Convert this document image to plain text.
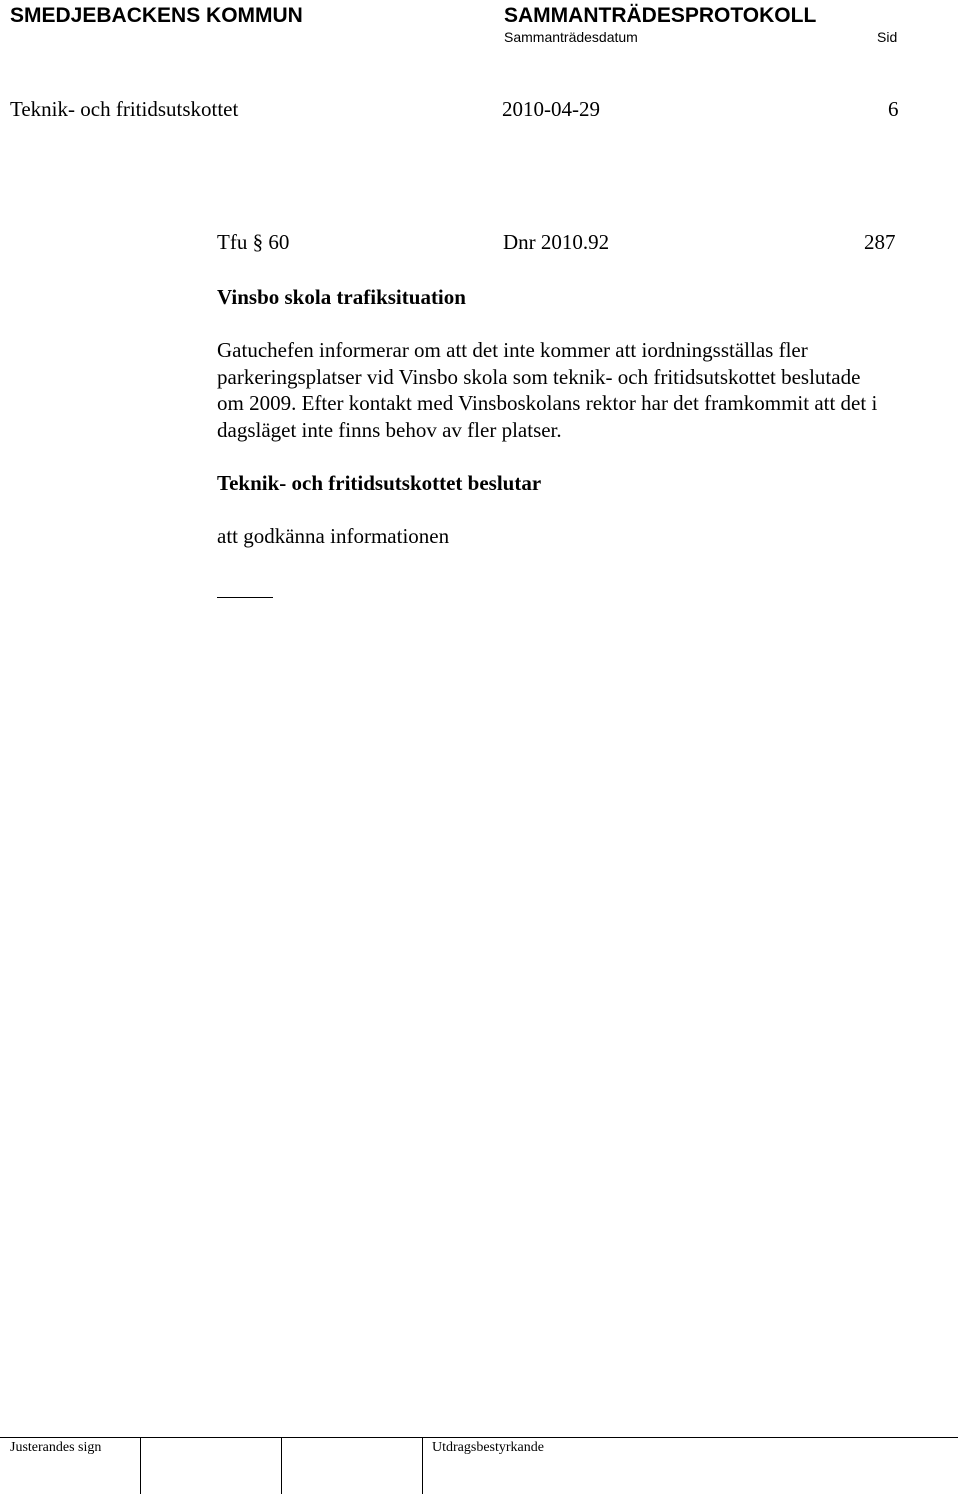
SMEDJEBACKENS KOMMUN	SAMMANTRÄDESPROTOKOLL
Sammanträdesdatum	Sid
Teknik- och fritidsutskottet	2010-04-29	6
Tfu § 60	Dnr 2010.92	287
Vinsbo skola trafiksituation
Gatuchefen informerar om att det inte kommer att iordningsställas fler
parkeringsplatser vid Vinsbo skola som teknik- och fritidsutskottet beslutade
om 2009. Efter kontakt med Vinsboskolans rektor har det framkommit att det i
dagsläget inte finns behov av fler platser.
Teknik- och fritidsutskottet beslutar
att godkänna informationen
Justerandes sign	Utdragsbestyrkande
